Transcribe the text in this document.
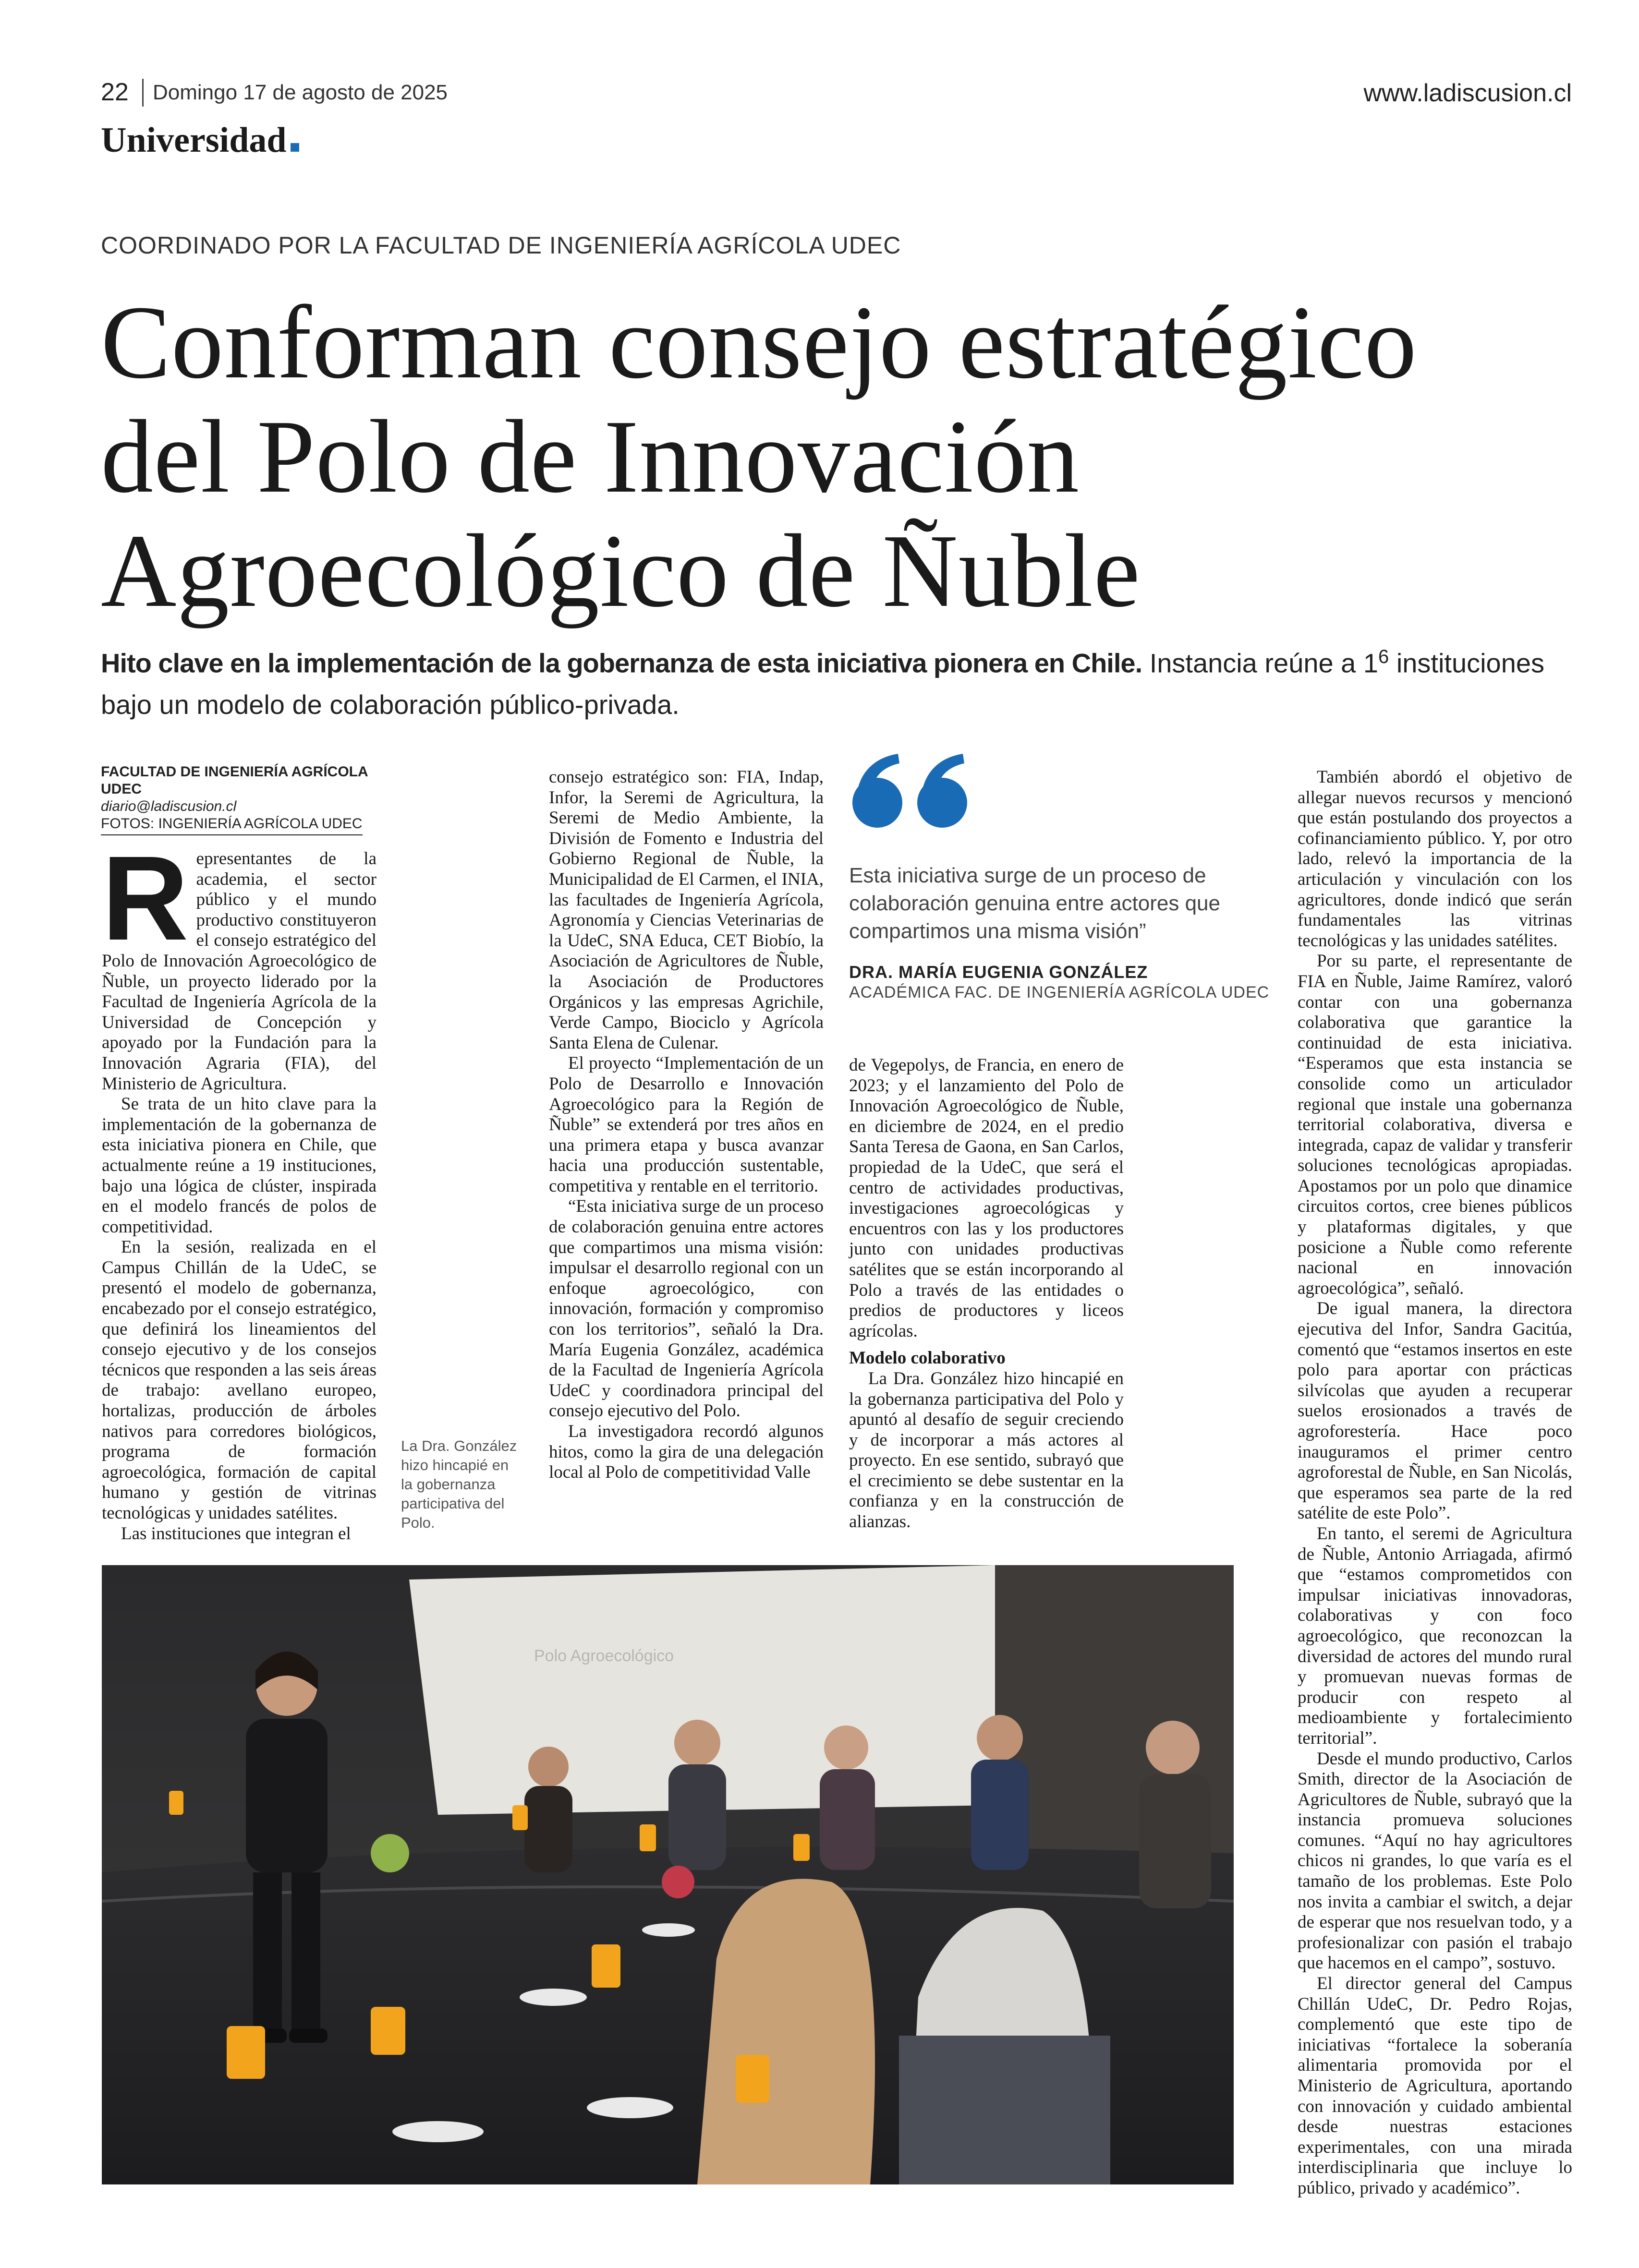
22 Domingo 17 de agosto de 2025	www.ladiscusion.cl
Universidad
COORDINADO POR LA FACULTAD DE INGENIERÍA AGRÍCOLA UDEC
Conforman consejo estratégico
del Polo de Innovación
Agroecológico de Ñuble
Hito clave en la implementación de la gobernanza de esta iniciativa pionera en Chile. Instancia reúne a $1^6$ instituciones bajo un modelo de colaboración público-privada.
FACULTAD DE INGENIERÍA AGRÍCOLA UDEC
diario@ladiscusion.cl
FOTOS: INGENIERÍA AGRÍCOLA UDEC
R epresentantes de la academia, el sector público y el mundo productivo constituyeron el consejo estratégico del Polo de Innovación Agroecológico de Ñuble, un proyecto liderado por la Facultad de Ingeniería Agrícola de la Universidad de Concepción y apoyado por la Fundación para la Innovación Agraria (FIA), del Ministerio de Agricultura.

Se trata de un hito clave para la implementación de la gobernanza de esta iniciativa pionera en Chile, que actualmente reúne a 19 instituciones, bajo una lógica de clúster, inspirada en el modelo francés de polos de competitividad.

En la sesión, realizada en el Campus Chillán de la UdeC, se presentó el modelo de gobernanza, encabezado por el consejo estratégico, que definirá los lineamientos del consejo ejecutivo y de los consejos técnicos que responden a las seis áreas de trabajo: avellano europeo, hortalizas, producción de árboles nativos para corredores biológicos, programa de formación agroecológica, formación de capital humano y gestión de vitrinas tecnológicas y unidades satélites.

Las instituciones que integran el

La Dra. González hizo hincapié en la gobernanza participativa del Polo.

consejo estratégico son: FIA, Indap, Infor, la Seremi de Agricultura, la Seremi de Medio Ambiente, la División de Fomento e Industria del Gobierno Regional de Ñuble, la Municipalidad de El Carmen, el INIA, las facultades de Ingeniería Agrícola, Agronomía y Ciencias Veterinarias de la UdeC, SNA Educa, CET Biobío, la Asociación de Agricultores de Ñuble, la Asociación de Productores Orgánicos y las empresas Agrichile, Verde Campo, Biociclo y Agrícola Santa Elena de Culenar.

El proyecto “Implementación de un Polo de Desarrollo e Innovación Agroecológico para la Región de Ñuble” se extenderá por tres años en una primera etapa y busca avanzar hacia una producción sustentable, competitiva y rentable en el territorio.

“Esta iniciativa surge de un proceso de colaboración genuina entre actores que compartimos una misma visión: impulsar el desarrollo regional con un enfoque agroecológico, con innovación, formación y compromiso con los territorios”, señaló la Dra. María Eugenia González, académica de la Facultad de Ingeniería Agrícola UdeC y coordinadora principal del consejo ejecutivo del Polo.

La investigadora recordó algunos hitos, como la gira de una delegación local al Polo de competitividad Valle

Esta iniciativa surge de un proceso de colaboración genuina entre actores que compartimos una misma visión”
DRA. MARÍA EUGENIA GONZÁLEZ
ACADÉMICA FAC. DE INGENIERÍA AGRÍCOLA UDEC

de Vegepolys, de Francia, en enero de 2023; y el lanzamiento del Polo de Innovación Agroecológico de Ñuble, en diciembre de 2024, en el predio Santa Teresa de Gaona, en San Carlos, propiedad de la UdeC, que será el centro de actividades productivas, investigaciones agroecológicas y encuentros con las y los productores junto con unidades productivas satélites que se están incorporando al Polo a través de las entidades o predios de productores y liceos agrícolas.

Modelo colaborativo

La Dra. González hizo hincapié en la gobernanza participativa del Polo y apuntó al desafío de seguir creciendo y de incorporar a más actores al proyecto. En ese sentido, subrayó que el crecimiento se debe sustentar en la confianza y en la construcción de alianzas.

También abordó el objetivo de allegar nuevos recursos y mencionó que están postulando dos proyectos a cofinanciamiento público. Y, por otro lado, relevó la importancia de la articulación y vinculación con los agricultores, donde indicó que serán fundamentales las vitrinas tecnológicas y las unidades satélites.

Por su parte, el representante de FIA en Ñuble, Jaime Ramírez, valoró contar con una gobernanza colaborativa que garantice la continuidad de esta iniciativa. “Esperamos que esta instancia se consolide como un articulador regional que instale una gobernanza territorial colaborativa, diversa e integrada, capaz de validar y transferir soluciones tecnológicas apropiadas. Apostamos por un polo que dinamice circuitos cortos, cree bienes públicos y plataformas digitales, y que posicione a Ñuble como referente nacional en innovación agroecológica”, señaló.

De igual manera, la directora ejecutiva del Infor, Sandra Gacitúa, comentó que “estamos insertos en este polo para aportar con prácticas silvícolas que ayuden a recuperar suelos erosionados a través de agroforestería. Hace poco inauguramos el primer centro agroforestal de Ñuble, en San Nicolás, que esperamos sea parte de la red satélite de este Polo”.

En tanto, el seremi de Agricultura de Ñuble, Antonio Arriagada, afirmó que “estamos comprometidos con impulsar iniciativas innovadoras, colaborativas y con foco agroecológico, que reconozcan la diversidad de actores del mundo rural y promuevan nuevas formas de producir con respeto al medioambiente y fortalecimiento territorial”.

Desde el mundo productivo, Carlos Smith, director de la Asociación de Agricultores de Ñuble, subrayó que la instancia promueva soluciones comunes. “Aquí no hay agricultores chicos ni grandes, lo que varía es el tamaño de los problemas. Este Polo nos invita a cambiar el switch, a dejar de esperar que nos resuelvan todo, y a profesionalizar con pasión el trabajo que hacemos en el campo”, sostuvo.

El director general del Campus Chillán UdeC, Dr. Pedro Rojas, complementó que este tipo de iniciativas “fortalece la soberanía alimentaria promovida por el Ministerio de Agricultura, aportando con innovación y cuidado ambiental desde nuestras estaciones experimentales, con una mirada interdisciplinaria que incluye lo público, privado y académico”.

Polo Agroecológico
